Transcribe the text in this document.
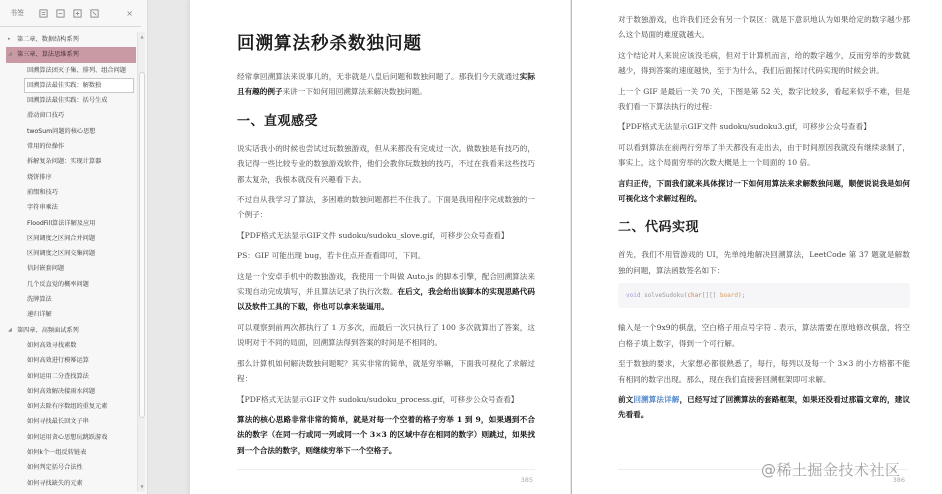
书签	×
▸ 第二章、数据结构系列
◢ 第三章、算法思维系列
回溯算法团灭子集、排列、组合问题
回溯算法最佳实践：解数独
回溯算法最佳实践：括号生成
滑动窗口技巧
twoSum问题的核心思想
常用的位操作
拆解复杂问题：实现计算器
烧饼排序
前缀和技巧
字符串乘法
FloodFill算法详解及应用
区间调度之区间合并问题
区间调度之区间交集问题
信封嵌套问题
几个反直觉的概率问题
洗牌算法
递归详解
◢ 第四章、高频面试系列
如何高效寻找素数
如何高效进行模幂运算
如何运用二分查找算法
如何高效解决接雨水问题
如何去除有序数组的重复元素
如何寻找最长回文子串
如何运用贪心思想玩跳跃游戏
如何k个一组反转链表
如何判定括号合法性
如何寻找缺失的元素
▲
▼
回溯算法秒杀数独问题
经常拿回溯算法来说事儿的，无非就是八皇后问题和数独问题了。那我们今天就通过实际且有趣的例子来讲一下如何用回溯算法来解决数独问题。
一、直观感受
说实话我小的时候也尝试过玩数独游戏，但从来都没有完成过一次。做数独是有技巧的，我记得一些比较专业的数独游戏软件，他们会教你玩数独的技巧，不过在我看来这些技巧都太复杂，我根本就没有兴趣看下去。
不过自从我学习了算法，多困难的数独问题都拦不住我了。下面是我用程序完成数独的一个例子：
【PDF格式无法显示GIF文件 sudoku/sudoku_slove.gif，可移步公众号查看】
PS：GIF 可能出现 bug，若卡住点开查看即可，下同。
这是一个安卓手机中的数独游戏，我使用一个叫做 Auto.js 的脚本引擎，配合回溯算法来实现自动完成填写，并且算法记录了执行次数。在后文，我会给出该脚本的实现思路代码以及软件工具的下载，你也可以拿来装逼用。
可以观察到前两次都执行了 1 万多次，而最后一次只执行了 100 多次就算出了答案，这说明对于不同的局面，回溯算法得到答案的时间是不相同的。
那么计算机如何解决数独问题呢？其实非常的简单，就是穷举嘛，下面我可视化了求解过程：
【PDF格式无法显示GIF文件 sudoku/sudoku_process.gif，可移步公众号查看】
算法的核心思路非常非常的简单，就是对每一个空着的格子穷举 1 到 9，如果遇到不合法的数字（在同一行或同一列或同一个 3×3 的区域中存在相同的数字）则跳过，如果找到一个合法的数字，则继续穷举下一个空格子。
385
对于数独游戏，也许我们还会有另一个误区：就是下意识地认为如果给定的数字越少那么这个局面的难度就越大。
这个结论对人来说应该没毛病，但对于计算机而言，给的数字越少，反而穷举的步数就越少，得到答案的速度越快，至于为什么，我们后面探讨代码实现的时候会讲。
上一个 GIF 是最后一关 70 关，下图是第 52 关，数字比较多，看起来似乎不难，但是我们看一下算法执行的过程：
【PDF格式无法显示GIF文件 sudoku/sudoku3.gif，可移步公众号查看】
可以看到算法在前两行穷举了半天都没有走出去，由于时间原因我就没有继续录制了，事实上，这个局面穷举的次数大概是上一个局面的 10 倍。
言归正传，下面我们就来具体探讨一下如何用算法来求解数独问题，顺便说说我是如何可视化这个求解过程的。
二、代码实现
首先，我们不用管游戏的 UI，先单纯地解决回溯算法，LeetCode 第 37 题就是解数独的问题，算法函数签名如下：
void solveSudoku(char[][] board);
输入是一个9x9的棋盘，空白格子用点号字符 . 表示，算法需要在原地修改棋盘，将空白格子填上数字，得到一个可行解。
至于数独的要求，大家想必都很熟悉了，每行，每列以及每一个 3×3 的小方格都不能有相同的数字出现。那么，现在我们直接套回溯框架即可求解。
前文回溯算法详解，已经写过了回溯算法的套路框架，如果还没看过那篇文章的，建议先看看。
386
@稀土掘金技术社区
